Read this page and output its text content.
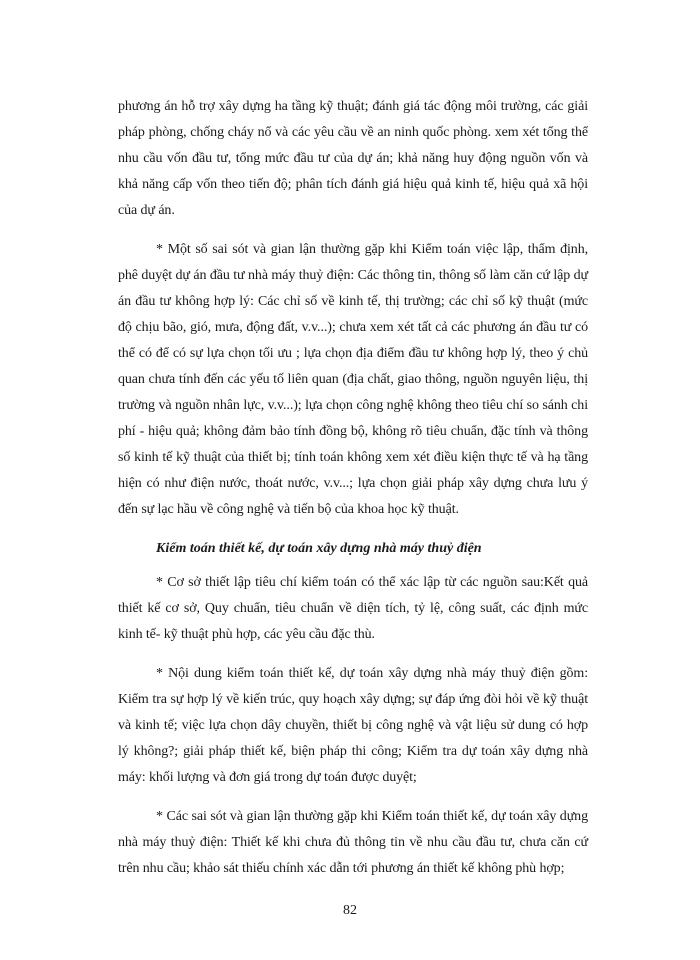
phương án hỗ trợ xây dựng ha tầng kỹ thuật; đánh giá tác động môi trường, các giải pháp phòng, chống cháy nổ và các yêu cầu về an ninh quốc phòng. xem xét tổng thể nhu cầu vốn đầu tư, tổng mức đầu tư của dự án; khả năng huy động nguồn vốn và khả năng cấp vốn theo tiến độ; phân tích đánh giá hiệu quả kinh tế, hiệu quả xã hội của dự án.

* Một số sai sót và gian lận thường gặp khi Kiểm toán việc lập, thẩm định, phê duyệt dự án đầu tư nhà máy thuỷ điện: Các thông tin, thông số làm căn cứ lập dự án đầu tư không hợp lý: Các chỉ số về kinh tế, thị trường; các chỉ số kỹ thuật (mức độ chịu bão, gió, mưa, động đất, v.v...); chưa xem xét tất cả các phương án đầu tư có thể có để có sự lựa chọn tối ưu ; lựa chọn địa điểm đầu tư không hợp lý, theo ý chủ quan chưa tính đến các yếu tố liên quan (địa chất, giao thông, nguồn nguyên liệu, thị trường và nguồn nhân lực, v.v...); lựa chọn công nghệ không theo tiêu chí so sánh chi phí - hiệu quả; không đảm bảo tính đồng bộ, không rõ tiêu chuẩn, đặc tính và thông số kinh tế kỹ thuật của thiết bị; tính toán không xem xét điều kiện thực tế và hạ tầng hiện có như điện nước, thoát nước, v.v...; lựa chọn giải pháp xây dựng chưa lưu ý đến sự lạc hầu về công nghệ và tiến bộ của khoa học kỹ thuật.

Kiểm toán thiết kế, dự toán xây dựng nhà máy thuỷ điện

* Cơ sở thiết lập tiêu chí kiểm toán có thể xác lập từ các nguồn sau:Kết quả thiết kế cơ sở, Quy chuẩn, tiêu chuẩn về diện tích, tỷ lệ, công suất, các định mức kinh tế- kỹ thuật phù hợp, các yêu cầu đặc thù.

* Nội dung kiểm toán thiết kế, dự toán xây dựng nhà máy thuỷ điện gồm: Kiểm tra sự hợp lý về kiến trúc, quy hoạch xây dựng; sự đáp ứng đòi hỏi về kỹ thuật và kinh tế; việc lựa chọn dây chuyền, thiết bị công nghệ và vật liệu sử dung có hợp lý không?; giải pháp thiết kế, biện pháp thi công; Kiểm tra dự toán xây dựng nhà máy: khối lượng và đơn giá trong dự toán được duyệt;

* Các sai sót và gian lận thường gặp khi Kiểm toán thiết kế, dự toán xây dựng nhà máy thuỷ điện: Thiết kế khi chưa đủ thông tin về nhu cầu đầu tư, chưa căn cứ trên nhu cầu; khảo sát thiếu chính xác dẫn tới phương án thiết kế không phù hợp;

82
